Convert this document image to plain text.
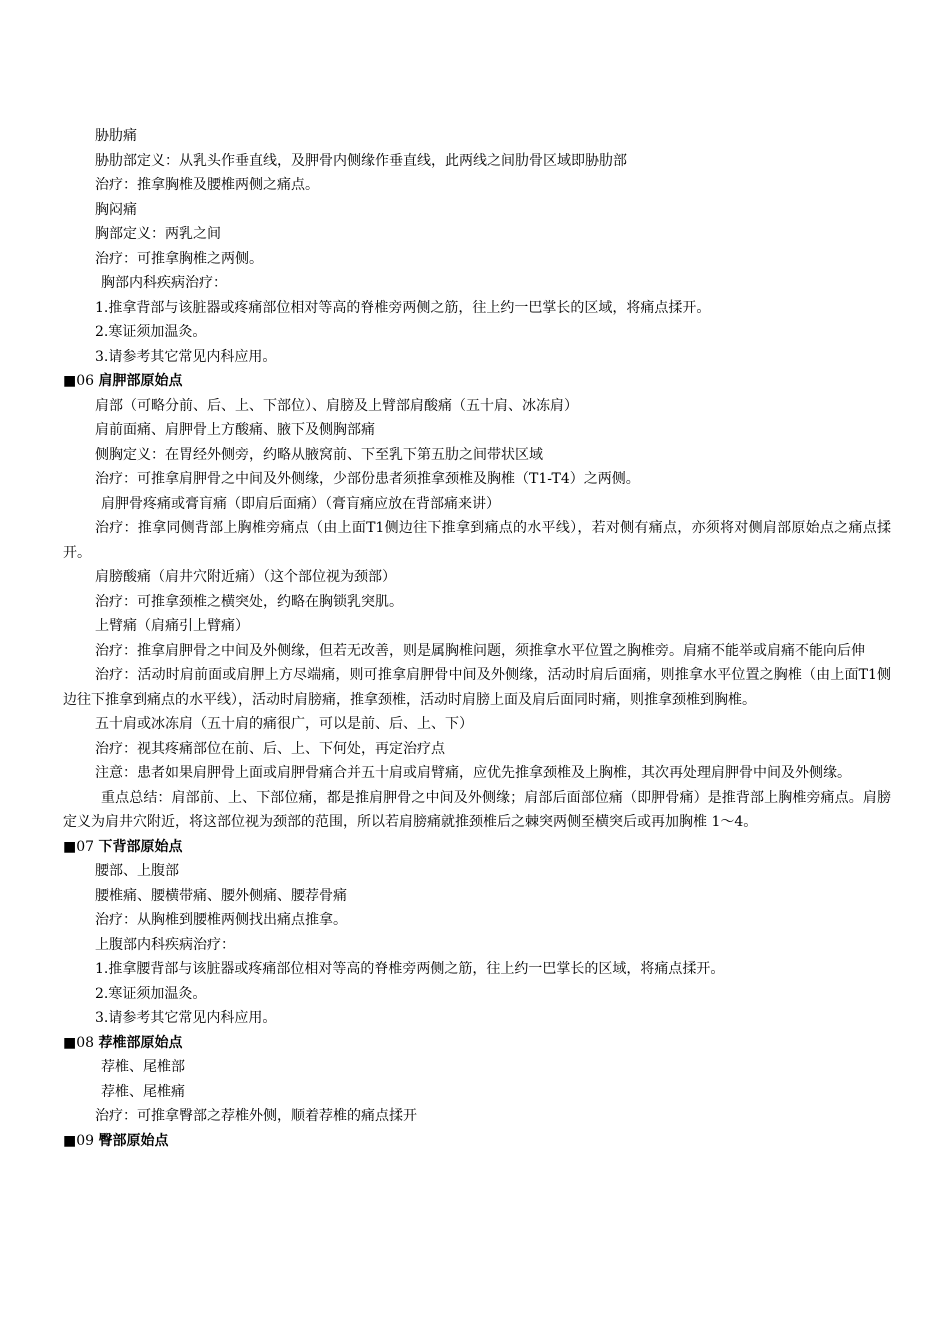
胁肋痛
胁肋部定义：从乳头作垂直线，及胛骨内侧缘作垂直线，此两线之间肋骨区域即胁肋部
治疗：推拿胸椎及腰椎两侧之痛点。
胸闷痛
胸部定义：两乳之间
治疗：可推拿胸椎之两侧。
胸部内科疾病治疗：
1.推拿背部与该脏器或疼痛部位相对等高的脊椎旁两侧之筋，往上约一巴掌长的区域，将痛点揉开。
2.寒证须加温灸。
3.请参考其它常见内科应用。
■06 肩胛部原始点
肩部（可略分前、后、上、下部位）、肩膀及上臂部肩酸痛（五十肩、冰冻肩）
肩前面痛、肩胛骨上方酸痛、腋下及侧胸部痛
侧胸定义：在胃经外侧旁，约略从腋窝前、下至乳下第五肋之间带状区域
治疗：可推拿肩胛骨之中间及外侧缘，少部份患者须推拿颈椎及胸椎（T1-T4）之两侧。
肩胛骨疼痛或膏肓痛（即肩后面痛）（膏肓痛应放在背部痛来讲）
治疗：推拿同侧背部上胸椎旁痛点（由上面T1侧边往下推拿到痛点的水平线），若对侧有痛点，亦须将对侧肩部原始点之痛点揉开。
肩膀酸痛（肩井穴附近痛）（这个部位视为颈部）
治疗：可推拿颈椎之横突处，约略在胸锁乳突肌。
上臂痛（肩痛引上臂痛）
治疗：推拿肩胛骨之中间及外侧缘，但若无改善，则是属胸椎问题，须推拿水平位置之胸椎旁。肩痛不能举或肩痛不能向后伸
治疗：活动时肩前面或肩胛上方尽端痛，则可推拿肩胛骨中间及外侧缘，活动时肩后面痛，则推拿水平位置之胸椎（由上面T1侧边往下推拿到痛点的水平线），活动时肩膀痛，推拿颈椎，活动时肩膀上面及肩后面同时痛，则推拿颈椎到胸椎。
五十肩或冰冻肩（五十肩的痛很广，可以是前、后、上、下）
治疗：视其疼痛部位在前、后、上、下何处，再定治疗点
注意：患者如果肩胛骨上面或肩胛骨痛合并五十肩或肩臂痛，应优先推拿颈椎及上胸椎，其次再处理肩胛骨中间及外侧缘。
重点总结：肩部前、上、下部位痛，都是推肩胛骨之中间及外侧缘；肩部后面部位痛（即胛骨痛）是推背部上胸椎旁痛点。肩膀定义为肩井穴附近，将这部位视为颈部的范围，所以若肩膀痛就推颈椎后之棘突两侧至横突后或再加胸椎 1～4。
■07 下背部原始点
腰部、上腹部
腰椎痛、腰横带痛、腰外侧痛、腰荐骨痛
治疗：从胸椎到腰椎两侧找出痛点推拿。
上腹部内科疾病治疗：
1.推拿腰背部与该脏器或疼痛部位相对等高的脊椎旁两侧之筋，往上约一巴掌长的区域，将痛点揉开。
2.寒证须加温灸。
3.请参考其它常见内科应用。
■08 荐椎部原始点
荐椎、尾椎部
荐椎、尾椎痛
治疗：可推拿臀部之荐椎外侧，顺着荐椎的痛点揉开
■09 臀部原始点
